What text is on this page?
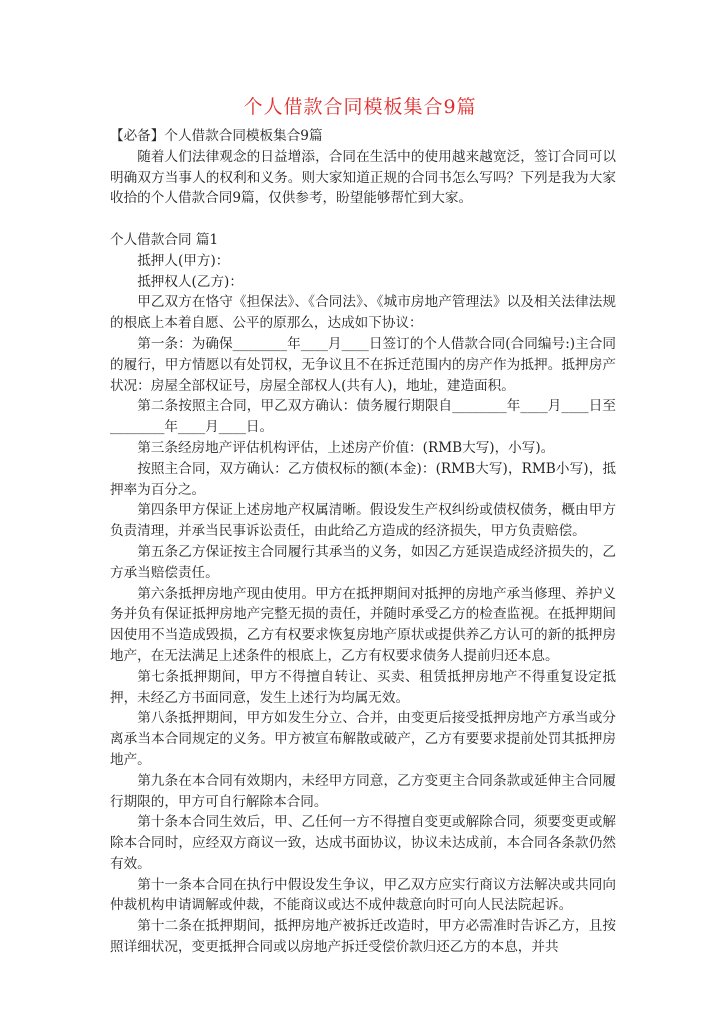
个人借款合同模板集合9篇

【必备】个人借款合同模板集合9篇

随着人们法律观念的日益增添，合同在生活中的使用越来越宽泛，签订合同可以明确双方当事人的权利和义务。则大家知道正规的合同书怎么写吗？下列是我为大家收拾的个人借款合同9篇，仅供参考，盼望能够帮忙到大家。

个人借款合同 篇1

抵押人(甲方)：

抵押权人(乙方)：

甲乙双方在恪守《担保法》、《合同法》、《城市房地产管理法》以及相关法律法规的根底上本着自愿、公平的原那么，达成如下协议：

第一条：为确保________年____月____日签订的个人借款合同(合同编号:)主合同的履行，甲方情愿以有处罚权，无争议且不在拆迁范围内的房产作为抵押。抵押房产状况：房屋全部权证号，房屋全部权人(共有人)，地址，建造面积。

第二条按照主合同，甲乙双方确认：债务履行期限自________年____月____日至________年____月____日。

第三条经房地产评估机构评估，上述房产价值：(RMB大写)，小写)。

按照主合同，双方确认：乙方债权标的额(本金)：(RMB大写)，RMB小写)，抵押率为百分之。

第四条甲方保证上述房地产权属清晰。假设发生产权纠纷或债权债务，概由甲方负责清理，并承当民事诉讼责任，由此给乙方造成的经济损失，甲方负责赔偿。

第五条乙方保证按主合同履行其承当的义务，如因乙方延误造成经济损失的，乙方承当赔偿责任。

第六条抵押房地产现由使用。甲方在抵押期间对抵押的房地产承当修理、养护义务并负有保证抵押房地产完整无损的责任，并随时承受乙方的检查监视。在抵押期间因使用不当造成毁损，乙方有权要求恢复房地产原状或提供养乙方认可的新的抵押房地产，在无法满足上述条件的根底上，乙方有权要求债务人提前归还本息。

第七条抵押期间，甲方不得擅自转让、买卖、租赁抵押房地产不得重复设定抵押，未经乙方书面同意，发生上述行为均属无效。

第八条抵押期间，甲方如发生分立、合并，由变更后接受抵押房地产方承当或分离承当本合同规定的义务。甲方被宣布解散或破产，乙方有要要求提前处罚其抵押房地产。

第九条在本合同有效期内，未经甲方同意，乙方变更主合同条款或延伸主合同履行期限的，甲方可自行解除本合同。

第十条本合同生效后，甲、乙任何一方不得擅自变更或解除合同，须要变更或解除本合同时，应经双方商议一致，达成书面协议，协议未达成前，本合同各条款仍然有效。

第十一条本合同在执行中假设发生争议，甲乙双方应实行商议方法解决或共同向仲裁机构申请调解或仲裁，不能商议或达不成仲裁意向时可向人民法院起诉。

第十二条在抵押期间，抵押房地产被拆迁改造时，甲方必需准时告诉乙方，且按照详细状况，变更抵押合同或以房地产拆迁受偿价款归还乙方的本息，并共
